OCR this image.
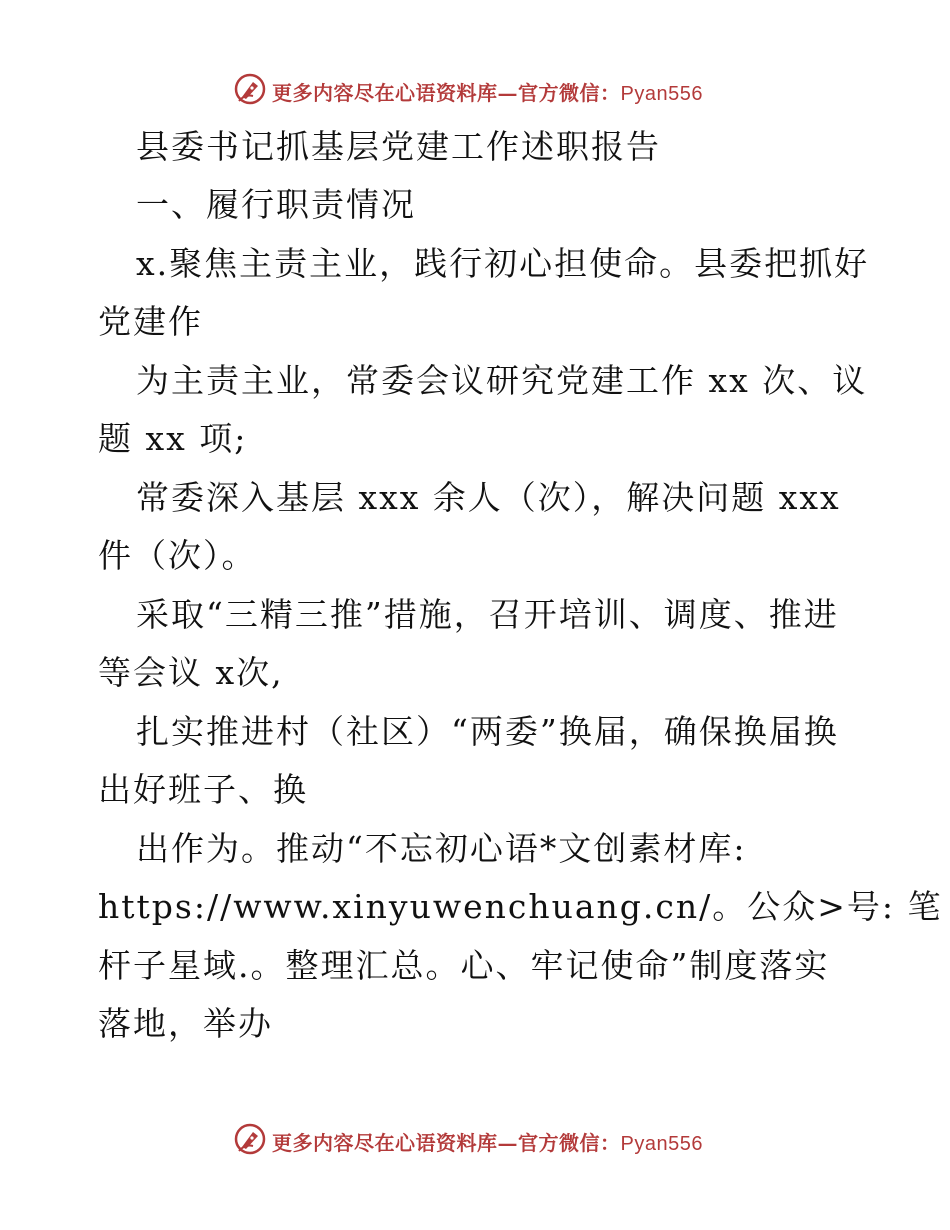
更多内容尽在心语资料库—官方微信：Pyan556
县委书记抓基层党建工作述职报告
一、履行职责情况
x.聚焦主责主业，践行初心担使命。县委把抓好
党建作
为主责主业，常委会议研究党建工作 xx 次、议
题 xx 项;
常委深入基层 xxx 余人（次），解决问题 xxx
件（次）。
采取“三精三推”措施，召开培训、调度、推进
等会议 x次,
扎实推进村（社区）“两委”换届，确保换届换
出好班子、换
出作为。推动“不忘初心语*文创素材库:
https://www.xinyuwenchuang.cn/。公众>号: 笔
杆子星域.。整理汇总。心、牢记使命”制度落实
落地，举办
更多内容尽在心语资料库—官方微信：Pyan556
